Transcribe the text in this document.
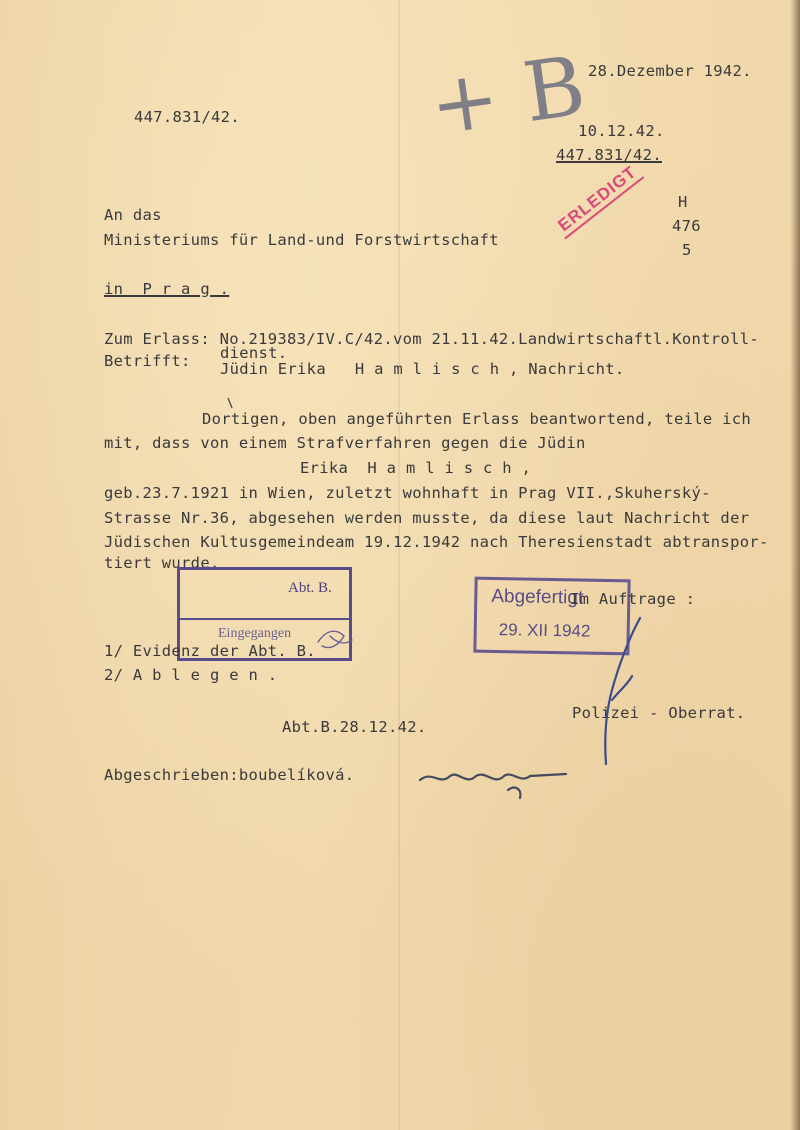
28.Dezember 1942.
447.831/42.
10.12.42.
447.831/42.
+ B
H
476
5
An das
Ministeriums für Land-und Forstwirtschaft
in  P r a g .
ERLEDIGT
Zum Erlass: No.219383/IV.C/42.vom 21.11.42.Landwirtschaftl.Kontroll-
Betrifft: dienst.
Jüdin Erika   H a m l i s c h , Nachricht.
Dortigen, oben angeführten Erlass beantwortend, teile ich
mit, dass von einem Strafverfahren gegen die Jüdin
Erika  H a m l i s c h ,
geb.23.7.1921 in Wien, zuletzt wohnhaft in Prag VII.,Skuherský-
Strasse Nr.36, abgesehen werden musste, da diese laut Nachricht der
Jüdischen Kultusgemeindeam 19.12.1942 nach Theresienstadt abtranspor-
tiert wurde.
Abt. B.
Eingegangen
Abgefertigt
29. XII 1942
Im Auftrage :
Polizei - Oberrat.
1/ Evidenz der Abt. B.
2/ A b l e g e n .
Abt.B.28.12.42.
Abgeschrieben:boubelíková.
